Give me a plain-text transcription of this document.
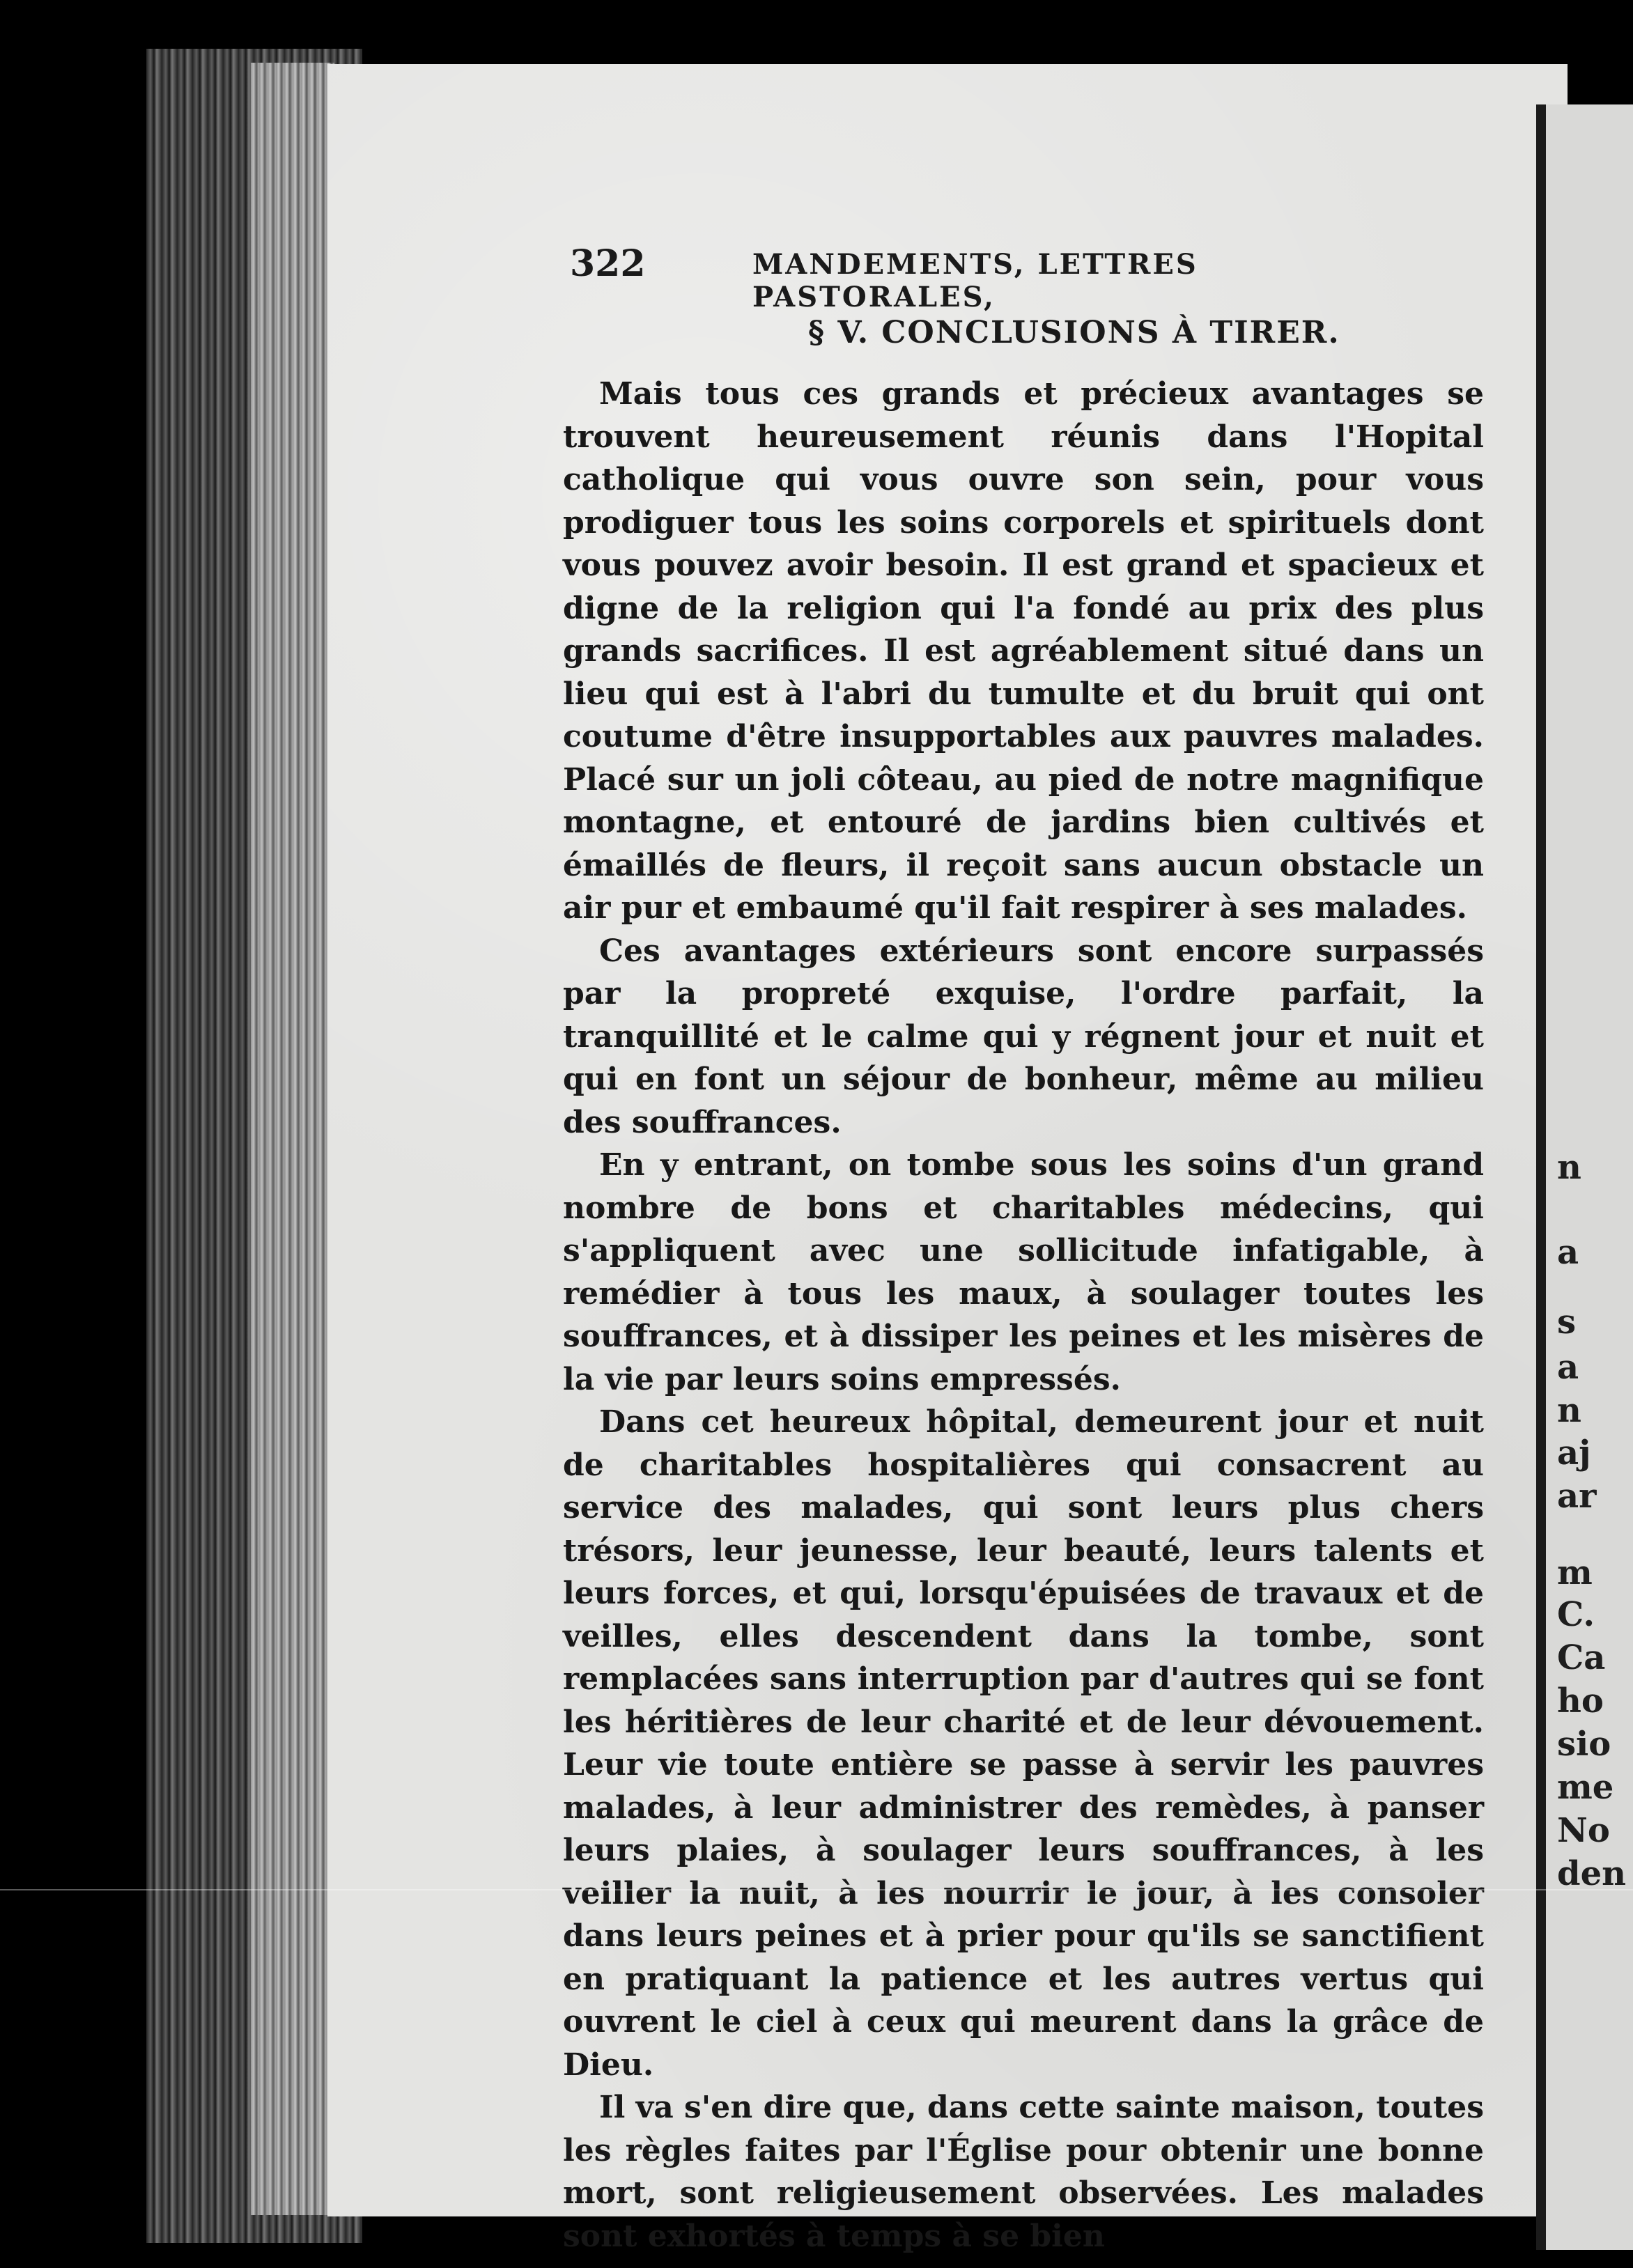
n
a
s
a
n
aj
ar
m
C.
Ca
ho
sio
me
No
den
322	MANDEMENTS, LETTRES PASTORALES,
§ V. CONCLUSIONS À TIRER.

Mais tous ces grands et précieux avantages se trouvent heureusement réunis dans l'Hopital catholique qui vous ouvre son sein, pour vous prodiguer tous les soins corporels et spirituels dont vous pouvez avoir besoin. Il est grand et spacieux et digne de la religion qui l'a fondé au prix des plus grands sacrifices. Il est agréablement situé dans un lieu qui est à l'abri du tumulte et du bruit qui ont coutume d'être insupportables aux pauvres malades. Placé sur un joli côteau, au pied de notre magnifique montagne, et entouré de jardins bien cultivés et émaillés de fleurs, il reçoit sans aucun obstacle un air pur et embaumé qu'il fait respirer à ses malades.

Ces avantages extérieurs sont encore surpassés par la propreté exquise, l'ordre parfait, la tranquillité et le calme qui y régnent jour et nuit et qui en font un séjour de bonheur, même au milieu des souffrances.

En y entrant, on tombe sous les soins d'un grand nombre de bons et charitables médecins, qui s'appliquent avec une sollicitude infatigable, à remédier à tous les maux, à soulager toutes les souffrances, et à dissiper les peines et les misères de la vie par leurs soins empressés.

Dans cet heureux hôpital, demeurent jour et nuit de charitables hospitalières qui consacrent au service des malades, qui sont leurs plus chers trésors, leur jeunesse, leur beauté, leurs talents et leurs forces, et qui, lorsqu'épuisées de travaux et de veilles, elles descendent dans la tombe, sont remplacées sans interruption par d'autres qui se font les héritières de leur charité et de leur dévouement. Leur vie toute entière se passe à servir les pauvres malades, à leur administrer des remèdes, à panser leurs plaies, à soulager leurs souffrances, à les veiller la nuit, à les nourrir le jour, à les consoler dans leurs peines et à prier pour qu'ils se sanctifient en pratiquant la patience et les autres vertus qui ouvrent le ciel à ceux qui meurent dans la grâce de Dieu.

Il va s'en dire que, dans cette sainte maison, toutes les règles faites par l'Église pour obtenir une bonne mort, sont religieusement observées. Les malades sont exhortés à temps à se bien
